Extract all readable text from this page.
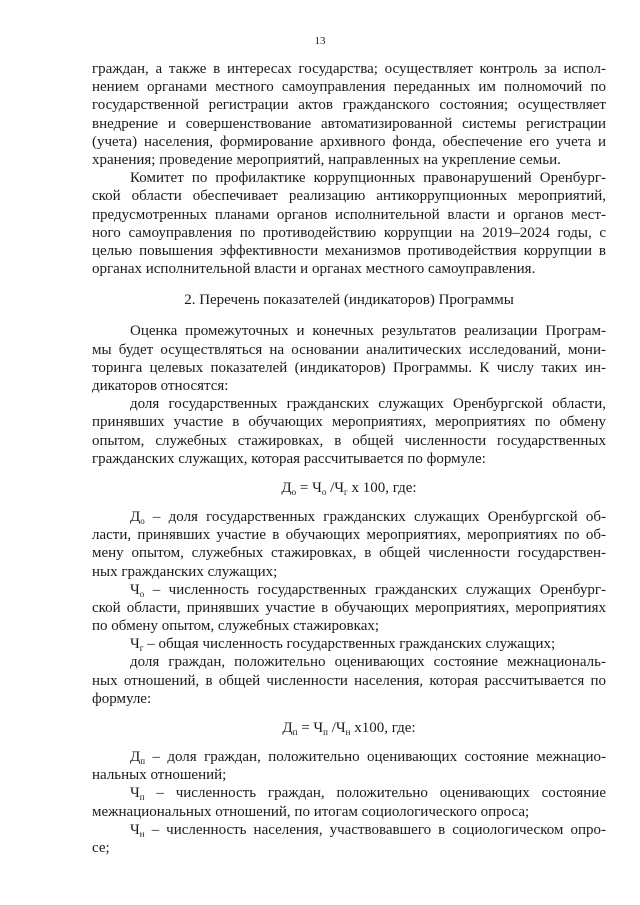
13
граждан, а также в интересах государства; осуществляет контроль за испол-
нением органами местного самоуправления переданных им полномочий по
государственной регистрации актов гражданского состояния; осуществляет
внедрение и совершенствование автоматизированной системы регистрации
(учета) населения, формирование архивного фонда, обеспечение его учета и
хранения; проведение мероприятий, направленных на укрепление семьи.
Комитет по профилактике коррупционных правонарушений Оренбург-
ской области обеспечивает реализацию антикоррупционных мероприятий,
предусмотренных планами органов исполнительной власти и органов мест-
ного самоуправления по противодействию коррупции на 2019–2024 годы, с
целью повышения эффективности механизмов противодействия коррупции в
органах исполнительной власти и органах местного самоуправления.
2. Перечень показателей (индикаторов) Программы
Оценка промежуточных и конечных результатов реализации Програм-
мы будет осуществляться на основании аналитических исследований, мони-
торинга целевых показателей (индикаторов) Программы. К числу таких ин-
дикаторов относятся:
доля государственных гражданских служащих Оренбургской области,
принявших участие в обучающих мероприятиях, мероприятиях по обмену
опытом, служебных стажировках, в общей численности государственных
гражданских служащих, которая рассчитывается по формуле:
$Д_о = Ч_о$ $/Ч_г$ х 100, где:
$Д_о$ – доля государственных гражданских служащих Оренбургской об-
ласти, принявших участие в обучающих мероприятиях, мероприятиях по об-
мену опытом, служебных стажировках, в общей численности государствен-
ных гражданских служащих;
$Ч_о$ – численность государственных гражданских служащих Оренбург-
ской области, принявших участие в обучающих мероприятиях, мероприятиях
по обмену опытом, служебных стажировках;
$Ч_г$ – общая численность государственных гражданских служащих;
доля граждан, положительно оценивающих состояние межнациональ-
ных отношений, в общей численности населения, которая рассчитывается по
формуле:
$Д_п = Ч_п$ $/Ч_н$ х100, где:
$Д_п$ – доля граждан, положительно оценивающих состояние межнацио-
нальных отношений;
$Ч_п$ – численность граждан, положительно оценивающих состояние
межнациональных отношений, по итогам социологического опроса;
$Ч_н$ – численность населения, участвовавшего в социологическом опро-
се;
